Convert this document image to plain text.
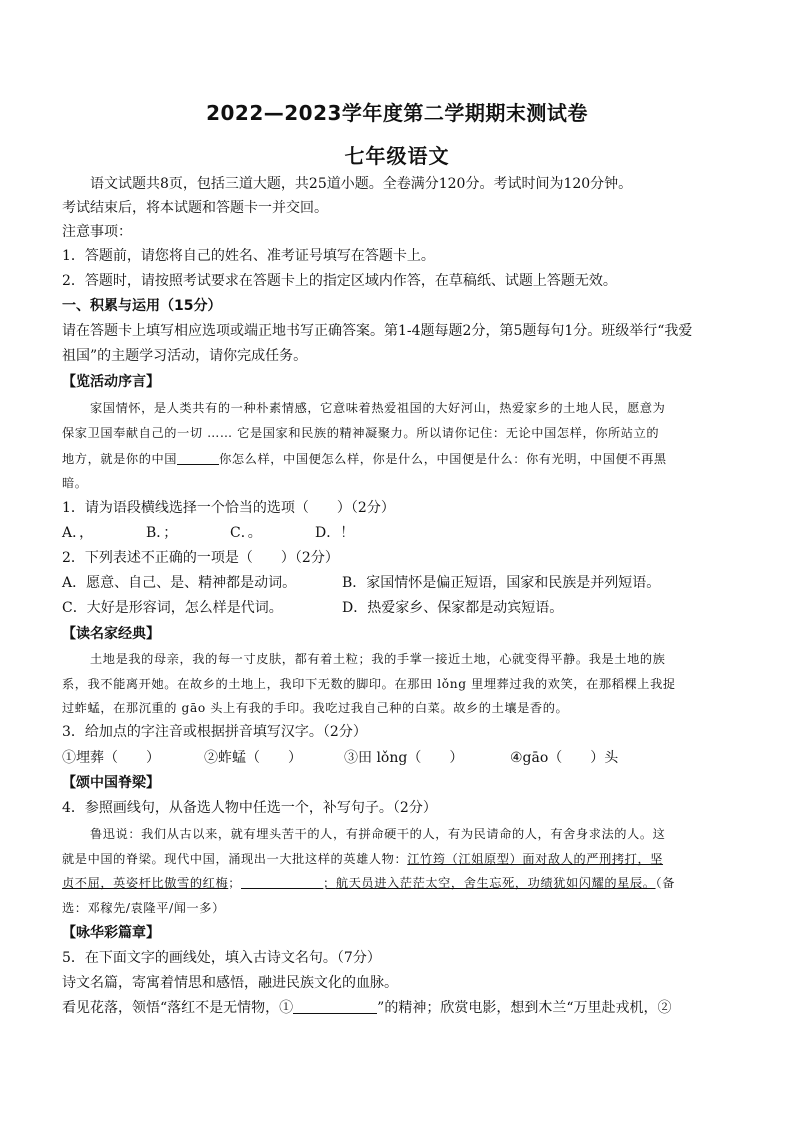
2022—2023学年度第二学期期末测试卷
七年级语文
语文试题共8页，包括三道大题，共25道小题。全卷满分120分。考试时间为120分钟。
考试结束后，将本试题和答题卡一并交回。
注意事项：
1．答题前，请您将自己的姓名、准考证号填写在答题卡上。
2．答题时，请按照考试要求在答题卡上的指定区域内作答，在草稿纸、试题上答题无效。
一、积累与运用（15分）
请在答题卡上填写相应选项或端正地书写正确答案。第1-4题每题2分，第5题每句1分。班级举行“我爱
祖国”的主题学习活动，请你完成任务。
【览活动序言】
家国情怀，是人类共有的一种朴素情感，它意味着热爱祖国的大好河山，热爱家乡的土地人民，愿意为
保家卫国奉献自己的一切 …… 它是国家和民族的精神凝聚力。所以请你记住：无论中国怎样，你所站立的
地方，就是你的中国	你怎么样，中国便怎么样，你是什么，中国便是什么：你有光明，中国便不再黑
暗。
1．请为语段横线选择一个恰当的选项（　　）（2分）
A．，	B．；	C．。	D．！
2．下列表述不正确的一项是（　　）（2分）
A．愿意、自己、是、精神都是动词。	B．家国情怀是偏正短语，国家和民族是并列短语。
C．大好是形容词，怎么样是代词。	D．热爱家乡、保家都是动宾短语。
【读名家经典】
土地是我的母亲，我的每一寸皮肤，都有着土粒；我的手掌一接近土地，心就变得平静。我是土地的族
系，我不能离开她。在故乡的土地上，我印下无数的脚印。在那田 lǒng 里埋葬过我的欢笑，在那稻棵上我捉
过蚱蜢，在那沉重的 gāo 头上有我的手印。我吃过我自己种的白菜。故乡的土壤是香的。
3．给加点的字注音或根据拼音填写汉字。（2分）
①埋葬（　　）	②蚱蜢（　　）	③田 lǒng（　　）	④gāo（　　）头
【颂中国脊梁】
4．参照画线句，从备选人物中任选一个，补写句子。（2分）
鲁迅说：我们从古以来，就有埋头苦干的人，有拼命硬干的人，有为民请命的人，有舍身求法的人。这
就是中国的脊梁。现代中国，涌现出一大批这样的英雄人物：江竹筠（江姐原型）面对敌人的严刑拷打，坚
贞不屈，英姿杆比傲雪的红梅；	；航天员进入茫茫太空，舍生忘死，功绩犹如闪耀的星辰。（备
选：邓稼先/袁隆平/闻一多）
【咏华彩篇章】
5．在下面文字的画线处，填入古诗文名句。（7分）
诗文名篇，寄寓着情思和感悟，融进民族文化的血脉。
看见花落，领悟“落红不是无情物，①	”的精神；欣赏电影，想到木兰“万里赴戎机，②
